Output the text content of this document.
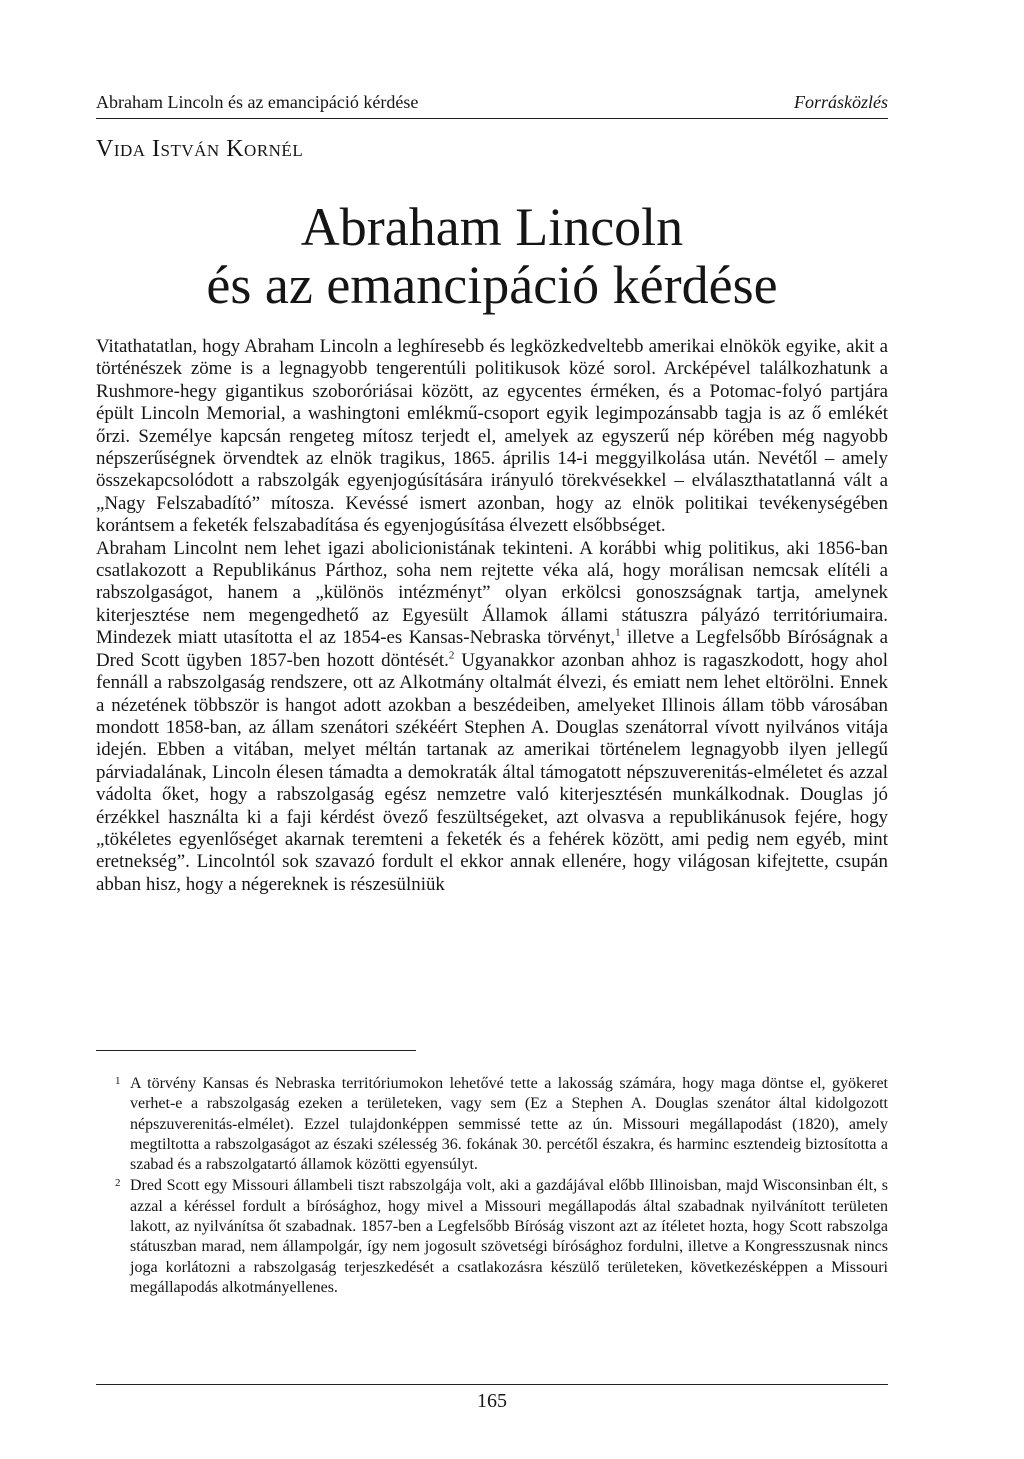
Abraham Lincoln és az emancipáció kérdése	Forrásközlés
Vida István Kornél
Abraham Lincoln
és az emancipáció kérdése

Vitathatatlan, hogy Abraham Lincoln a leghíresebb és legközkedveltebb amerikai elnökök egyike, akit a történészek zöme is a legnagyobb tengerentúli politikusok közé sorol. Arcképével találkozhatunk a Rushmore-hegy gigantikus szoboróriásai között, az egycentes érméken, és a Potomac-folyó partjára épült Lincoln Memorial, a washingtoni emlékmű-csoport egyik legimpozánsabb tagja is az ő emlékét őrzi. Személye kapcsán rengeteg mítosz terjedt el, amelyek az egyszerű nép körében még nagyobb népszerűségnek örvendtek az elnök tragikus, 1865. április 14-i meggyilkolása után. Nevétől – amely összekapcsolódott a rabszolgák egyenjogúsítására irányuló törekvésekkel – elválaszthatatlanná vált a „Nagy Felszabadító” mítosza. Kevéssé ismert azonban, hogy az elnök politikai tevékenységében korántsem a feketék felszabadítása és egyenjogúsítása élvezett elsőbbséget.

Abraham Lincolnt nem lehet igazi abolicionistának tekinteni. A korábbi whig politikus, aki 1856-ban csatlakozott a Republikánus Párthoz, soha nem rejtette véka alá, hogy morálisan nemcsak elítéli a rabszolgaságot, hanem a „különös intézményt” olyan erkölcsi gonoszságnak tartja, amelynek kiterjesztése nem megengedhető az Egyesült Államok állami státuszra pályázó territóriumaira. Mindezek miatt utasította el az 1854-es Kansas-Nebraska törvényt,$^1$ illetve a Legfelsőbb Bíróságnak a Dred Scott ügyben 1857-ben hozott döntését.$^2$ Ugyanakkor azonban ahhoz is ragaszkodott, hogy ahol fennáll a rabszolgaság rendszere, ott az Alkotmány oltalmát élvezi, és emiatt nem lehet eltörölni. Ennek a nézetének többször is hangot adott azokban a beszédeiben, amelyeket Illinois állam több városában mondott 1858-ban, az állam szenátori székéért Stephen A. Douglas szenátorral vívott nyilvános vitája idején. Ebben a vitában, melyet méltán tartanak az amerikai történelem legnagyobb ilyen jellegű párviadalának, Lincoln élesen támadta a demokraták által támogatott népszuverenitás-elméletet és azzal vádolta őket, hogy a rabszolgaság egész nemzetre való kiterjesztésén munkálkodnak. Douglas jó érzékkel használta ki a faji kérdést övező feszültségeket, azt olvasva a republikánusok fejére, hogy „tökéletes egyenlőséget akarnak teremteni a feketék és a fehérek között, ami pedig nem egyéb, mint eretnekség”. Lincolntól sok szavazó fordult el ekkor annak ellenére, hogy világosan kifejtette, csupán abban hisz, hogy a négereknek is részesülniük

1 A törvény Kansas és Nebraska territóriumokon lehetővé tette a lakosság számára, hogy maga döntse el, gyökeret verhet-e a rabszolgaság ezeken a területeken, vagy sem (Ez a Stephen A. Douglas szenátor által kidolgozott népszuverenitás-elmélet). Ezzel tulajdonképpen semmissé tette az ún. Missouri megállapodást (1820), amely megtiltotta a rabszolgaságot az északi szélesség 36. fokának 30. percétől északra, és harminc esztendeig biztosította a szabad és a rabszolgatartó államok közötti egyensúlyt.
2 Dred Scott egy Missouri állambeli tiszt rabszolgája volt, aki a gazdájával előbb Illinoisban, majd Wisconsinban élt, s azzal a kéréssel fordult a bírósághoz, hogy mivel a Missouri megállapodás által szabadnak nyilvánított területen lakott, az nyilvánítsa őt szabadnak. 1857-ben a Legfelsőbb Bíróság viszont azt az ítéletet hozta, hogy Scott rabszolga státuszban marad, nem állampolgár, így nem jogosult szövetségi bírósághoz fordulni, illetve a Kongresszusnak nincs joga korlátozni a rabszolgaság terjeszkedését a csatlakozásra készülő területeken, következésképpen a Missouri megállapodás alkotmányellenes.
165
